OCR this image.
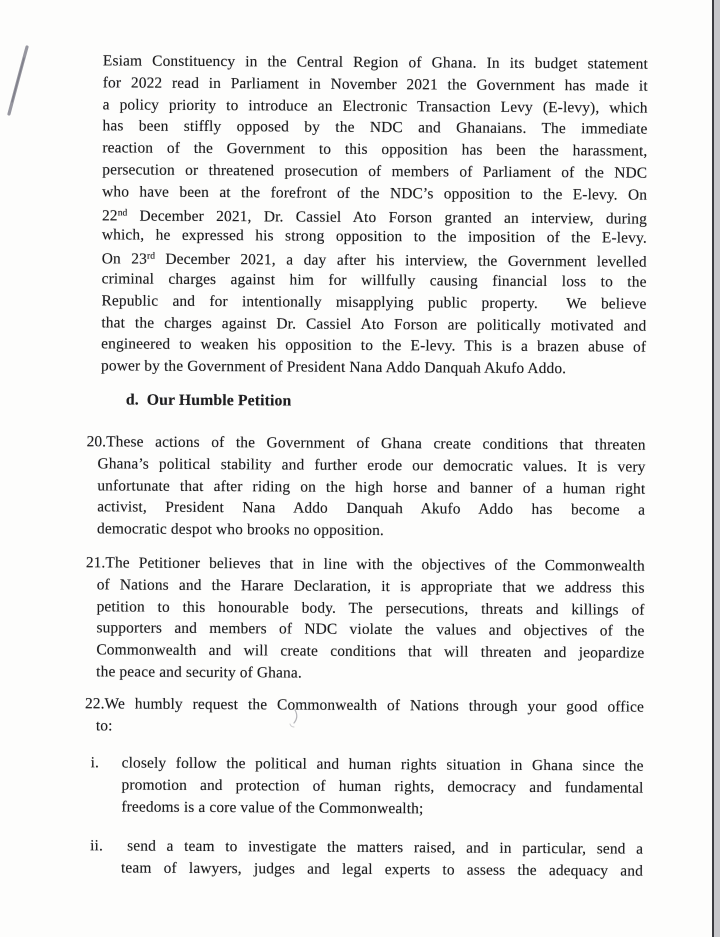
Esiam Constituency in the Central Region of Ghana. In its budget statement
for 2022 read in Parliament in November 2021 the Government has made it
a policy priority to introduce an Electronic Transaction Levy (E-levy), which
has been stiffly opposed by the NDC and Ghanaians. The immediate
reaction of the Government to this opposition has been the harassment,
persecution or threatened prosecution of members of Parliament of the NDC
who have been at the forefront of the NDC’s opposition to the E-levy. On
22nd December 2021, Dr. Cassiel Ato Forson granted an interview, during
which, he expressed his strong opposition to the imposition of the E-levy.
On 23rd December 2021, a day after his interview, the Government levelled
criminal charges against him for willfully causing financial loss to the
Republic and for intentionally misapplying public property.  We believe
that the charges against Dr. Cassiel Ato Forson are politically motivated and
engineered to weaken his opposition to the E-levy. This is a brazen abuse of
power by the Government of President Nana Addo Danquah Akufo Addo.
d. Our Humble Petition
20.These actions of the Government of Ghana create conditions that threaten
Ghana’s political stability and further erode our democratic values. It is very
unfortunate that after riding on the high horse and banner of a human right
activist, President Nana Addo Danquah Akufo Addo has become a
democratic despot who brooks no opposition.
21.The Petitioner believes that in line with the objectives of the Commonwealth
of Nations and the Harare Declaration, it is appropriate that we address this
petition to this honourable body. The persecutions, threats and killings of
supporters and members of NDC violate the values and objectives of the
Commonwealth and will create conditions that will threaten and jeopardize
the peace and security of Ghana.
22.We humbly request the Commonwealth of Nations through your good office
to:
i.	closely follow the political and human rights situation in Ghana since the
promotion and protection of human rights, democracy and fundamental
freedoms is a core value of the Commonwealth;
ii.	send a team to investigate the matters raised, and in particular, send a
team of lawyers, judges and legal experts to assess the adequacy and
